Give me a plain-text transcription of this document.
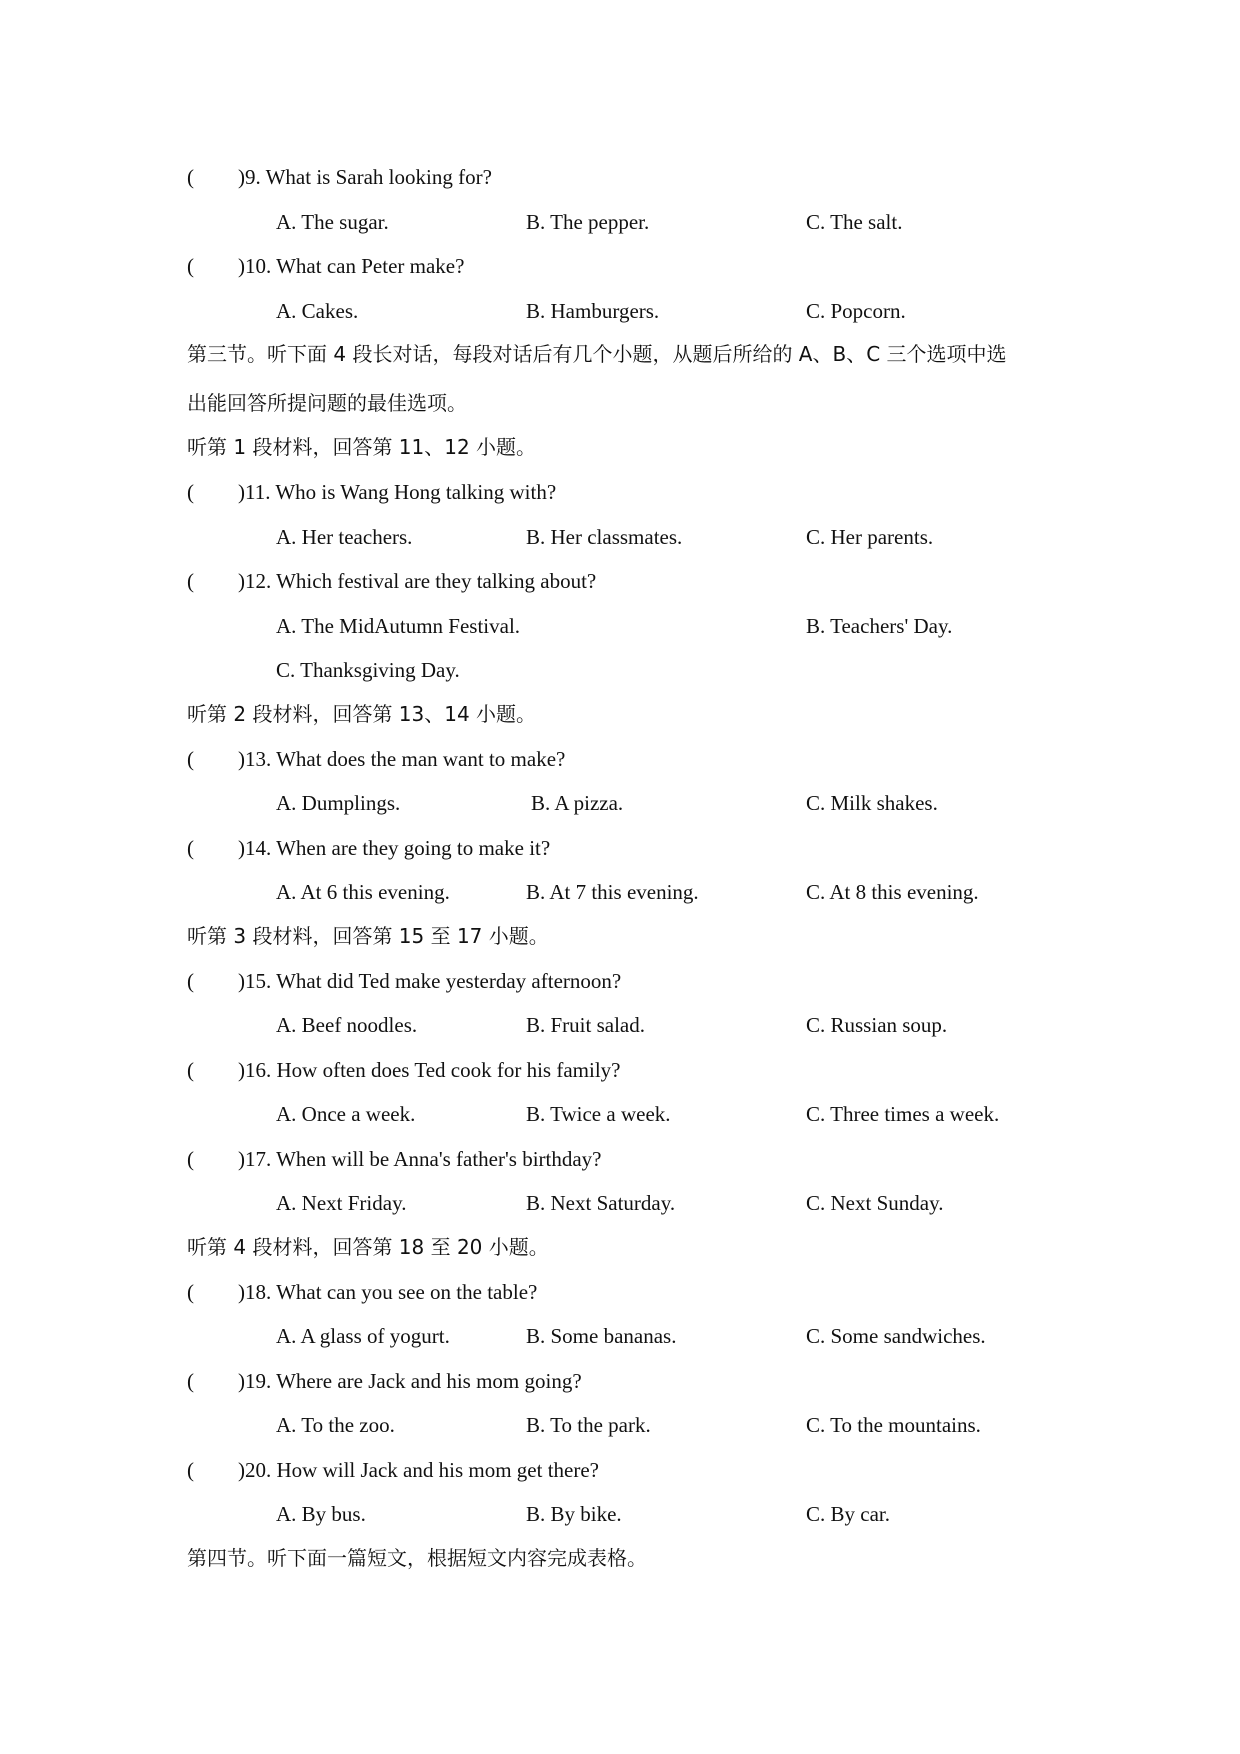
( )9. What is Sarah looking for?
A. The sugar.	B. The pepper.	C. The salt.
( )10. What can Peter make?
A. Cakes.	B. Hamburgers.	C. Popcorn.
第三节。听下面 4 段长对话，每段对话后有几个小题，从题后所给的 A、B、C 三个选项中选
出能回答所提问题的最佳选项。
听第 1 段材料，回答第 11、12 小题。
( )11. Who is Wang Hong talking with?
A. Her teachers.	B. Her classmates.	C. Her parents.
( )12. Which festival are they talking about?
A. The MidAutumn Festival.	B. Teachers' Day.
C. Thanksgiving Day.
听第 2 段材料，回答第 13、14 小题。
( )13. What does the man want to make?
A. Dumplings.	B. A pizza.	C. Milk shakes.
( )14. When are they going to make it?
A. At 6 this evening.	B. At 7 this evening.	C. At 8 this evening.
听第 3 段材料，回答第 15 至 17 小题。
( )15. What did Ted make yesterday afternoon?
A. Beef noodles.	B. Fruit salad.	C. Russian soup.
( )16. How often does Ted cook for his family?
A. Once a week.	B. Twice a week.	C. Three times a week.
( )17. When will be Anna's father's birthday?
A. Next Friday.	B. Next Saturday.	C. Next Sunday.
听第 4 段材料，回答第 18 至 20 小题。
( )18. What can you see on the table?
A. A glass of yogurt.	B. Some bananas.	C. Some sandwiches.
( )19. Where are Jack and his mom going?
A. To the zoo.	B. To the park.	C. To the mountains.
( )20. How will Jack and his mom get there?
A. By bus.	B. By bike.	C. By car.
第四节。听下面一篇短文，根据短文内容完成表格。
